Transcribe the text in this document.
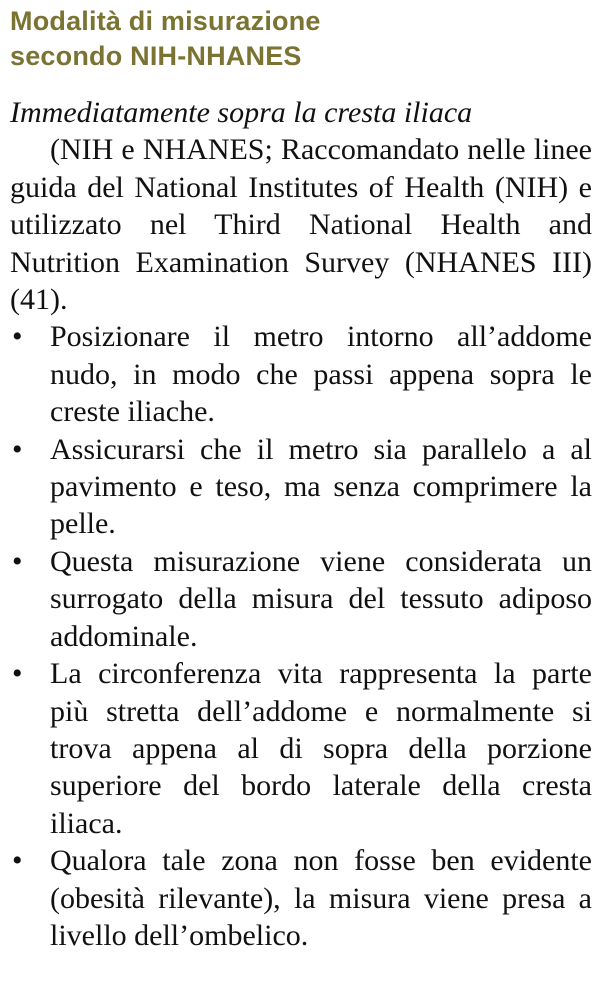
Modalità di misurazione
secondo NIH-NHANES
Immediatamente sopra la cresta iliaca

(NIH e NHANES; Raccomandato nelle linee guida del National Institutes of Health (NIH) e utilizzato nel Third National Health and Nutrition Examination Survey (NHANES III) (41).

• Posizionare il metro intorno all’addome nudo, in modo che passi appena sopra le creste iliache.
• Assicurarsi che il metro sia parallelo a al pavimento e teso, ma senza comprimere la pelle.
• Questa misurazione viene considerata un surrogato della misura del tessuto adiposo addominale.
• La circonferenza vita rappresenta la parte più stretta dell’addome e normalmente si trova appena al di sopra della porzione superiore del bordo laterale della cresta iliaca.
• Qualora tale zona non fosse ben evidente (obesità rilevante), la misura viene presa a livello dell’ombelico.
